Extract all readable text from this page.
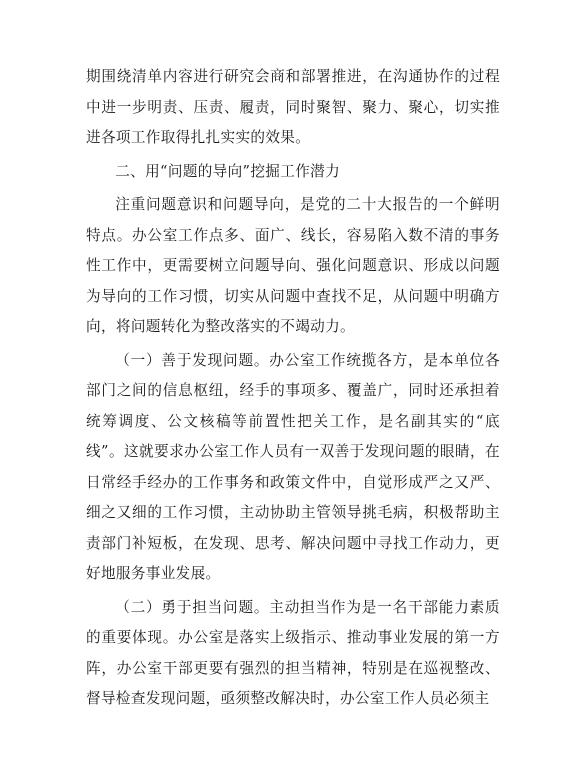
期围绕清单内容进行研究会商和部署推进，在沟通协作的过程中进一步明责、压责、履责，同时聚智、聚力、聚心，切实推进各项工作取得扎扎实实的效果。

二、用“问题的导向”挖掘工作潜力

注重问题意识和问题导向，是党的二十大报告的一个鲜明特点。办公室工作点多、面广、线长，容易陷入数不清的事务性工作中，更需要树立问题导向、强化问题意识、形成以问题为导向的工作习惯，切实从问题中查找不足，从问题中明确方向，将问题转化为整改落实的不竭动力。

（一）善于发现问题。办公室工作统揽各方，是本单位各部门之间的信息枢纽，经手的事项多、覆盖广，同时还承担着统筹调度、公文核稿等前置性把关工作，是名副其实的“底线”。这就要求办公室工作人员有一双善于发现问题的眼睛，在日常经手经办的工作事务和政策文件中，自觉形成严之又严、细之又细的工作习惯，主动协助主管领导挑毛病，积极帮助主责部门补短板，在发现、思考、解决问题中寻找工作动力，更好地服务事业发展。

（二）勇于担当问题。主动担当作为是一名干部能力素质的重要体现。办公室是落实上级指示、推动事业发展的第一方阵，办公室干部更要有强烈的担当精神，特别是在巡视整改、督导检查发现问题，亟须整改解决时，办公室工作人员必须主
